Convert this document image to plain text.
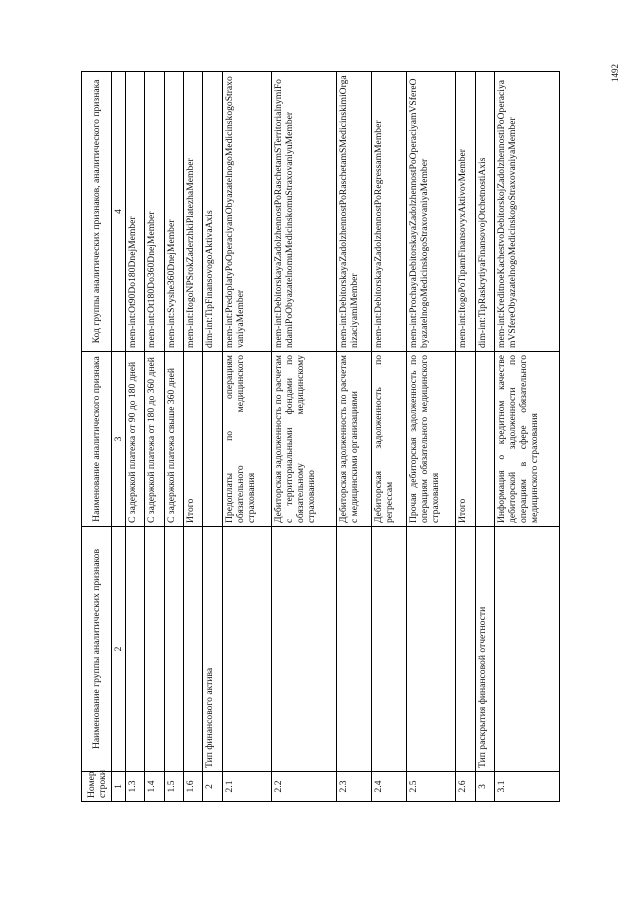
1492
Номер строки	Наименование группы аналитических признаков	Наименование аналитического признака	Код группы аналитических признаков, аналитического признака
1	2	3	4
1.3		С задержкой платежа от 90 до 180 дней	mem-int:Ot90Do180DnejMember
1.4		С задержкой платежа от 180 до 360 дней	mem-int:Ot180Do360DnejMember
1.5		С задержкой платежа свыше 360 дней	mem-int:Svyshe360DnejMember
1.6		Итого	mem-int:ItogoNPSrokZaderzhkiPlatezhaMember
2	Тип финансового актива		dim-int:TipFinansovogoAktivaAxis
2.1		Предоплаты по операциям обязательного медицинского страхования	mem-int:PredoplatyPoOperaciyamObyazatelnogoMedicinskogoStraxovaniyaMember
2.2		Дебиторская задолженность по расчетам с территориальными фондами по обязательному медицинскому страхованию	mem-int:DebitorskayaZadolzhennostPoRaschetamSTerritorialnymiFondamiPoObyazatelnomuMedicinskomuStraxovaniyuMember
2.3		Дебиторская задолженность по расчетам с медицинскими организациями	mem-int:DebitorskayaZadolzhennostPoRaschetamSMedicinskimiOrganizaciyamiMember
2.4		Дебиторская задолженность по регрессам	mem-int:DebitorskayaZadolzhennostPoRegressamMember
2.5		Прочая дебиторская задолженность по операциям обязательного медицинского страхования	mem-int:ProchayaDebitorskayaZadolzhennostPoOperaciyamVSfereObyazatelnogoMedicinskogoStraxovaniyaMember
2.6		Итого	mem-int:ItogoPoTipamFinansovyxAktivovMember
3	Тип раскрытия финансовой отчетности		dim-int:TipRaskrytiyaFinansovojOtchetnostiAxis
3.1		Информация о кредитном качестве дебиторской задолженности по операциям в сфере обязательного медицинского страхования	mem-int:KreditnoeKachestvoDebitorskojZadolzhennostiPoOperaciyamVSfereObyazatelnogoMedicinskogoStraxovaniyaMember
